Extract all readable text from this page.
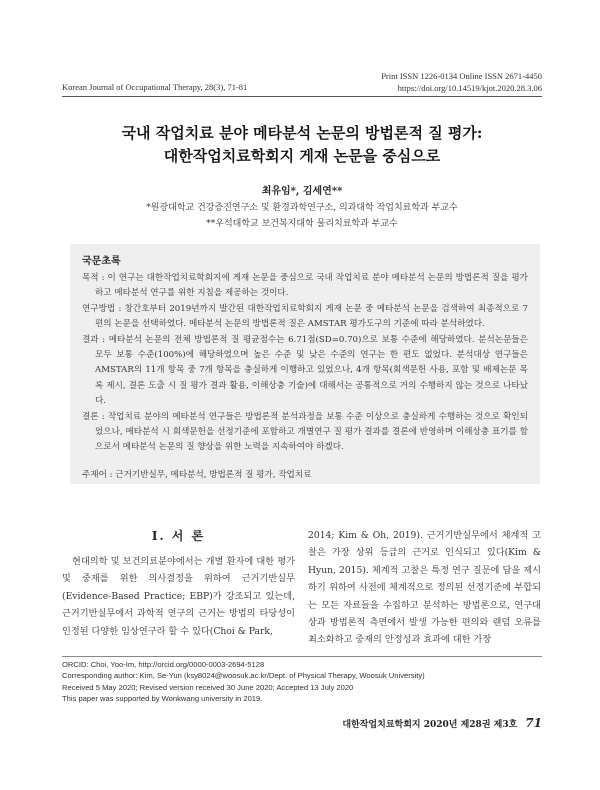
Print ISSN 1226-0134 Online ISSN 2671-4450
https://doi.org/10.14519/kjot.2020.28.3.06
Korean Journal of Occupational Therapy, 28(3), 71-81
국내 작업치료 분야 메타분석 논문의 방법론적 질 평가:
대한작업치료학회지 게재 논문을 중심으로
최유임*, 김세연**
*원광대학교 건강증진연구소 및 환경과학연구소, 의과대학 작업치료학과 부교수
**우석대학교 보건복지대학 물리치료학과 부교수
국문초록
목적 : 이 연구는 대한작업치료학회지에 게재 논문을 중심으로 국내 작업치료 분야 메타분석 논문의 방법론적 질을 평가하고 메타분석 연구를 위한 지침을 제공하는 것이다.
연구방법 : 창간호부터 2019년까지 발간된 대한작업치료학회지 게재 논문 중 메타분석 논문을 검색하여 최종적으로 7편의 논문을 선택하였다. 메타분석 논문의 방법론적 질은 AMSTAR 평가도구의 기준에 따라 분석하였다.
결과 : 메타분석 논문의 전체 방법론적 질 평균점수는 6.71점(SD=0.70)으로 보통 수준에 해당하였다. 분석논문들은 모두 보통 수준(100%)에 해당하였으며 높은 수준 및 낮은 수준의 연구는 한 편도 없었다. 분석대상 연구들은 AMSTAR의 11개 항목 중 7개 항목을 충실하게 이행하고 있었으나, 4개 항목(회색문헌 사용, 포함 및 배제논문 목록 제시, 결론 도출 시 질 평가 결과 활용, 이해상충 기술)에 대해서는 공통적으로 거의 수행하지 않는 것으로 나타났다.
결론 : 작업치료 분야의 메타분석 연구들은 방법론적 분석과정을 보통 수준 이상으로 충실하게 수행하는 것으로 확인되었으나, 메타분석 시 회색문헌을 선정기준에 포함하고 개별연구 질 평가 결과를 결론에 반영하며 이해상충 표기를 함으로서 메타분석 논문의 질 향상을 위한 노력을 지속하여야 하겠다.
주제어 : 근거기반실무, 메타분석, 방법론적 질 평가, 작업치료
Ⅰ. 서 론
현대의학 및 보건의료분야에서는 개별 환자에 대한 평가 및 중재를 위한 의사결정을 위하여 근거기반실무(Evidence-Based Practice; EBP)가 강조되고 있는데, 근거기반실무에서 과학적 연구의 근거는 방법의 타당성이 인정된 다양한 임상연구라 할 수 있다(Choi & Park,
2014; Kim & Oh, 2019). 근거기반실무에서 체계적 고찰은 가장 상위 등급의 근거로 인식되고 있다(Kim & Hyun, 2015). 체계적 고찰은 특정 연구 질문에 답을 제시하기 위하여 사전에 체계적으로 정의된 선정기준에 부합되는 모든 자료들을 수집하고 분석하는 방법론으로, 연구대상과 방법론적 측면에서 발생 가능한 편의와 랜덤 오류를 최소화하고 중재의 안정성과 효과에 대한 가장
ORCID: Choi, Yoo-Im, http://orcid.org/0000-0003-2694-5128
Corresponding author: Kim, Se-Yun (ksy8024@woosuk.ac.kr/Dept. of Physical Therapy, Woosuk University)
Received 5 May 2020; Revised version received 30 June 2020; Accepted 13 July 2020
This paper was supported by Wonkwang university in 2019.
대한작업치료학회지 2020년 제28권 제3호 71
